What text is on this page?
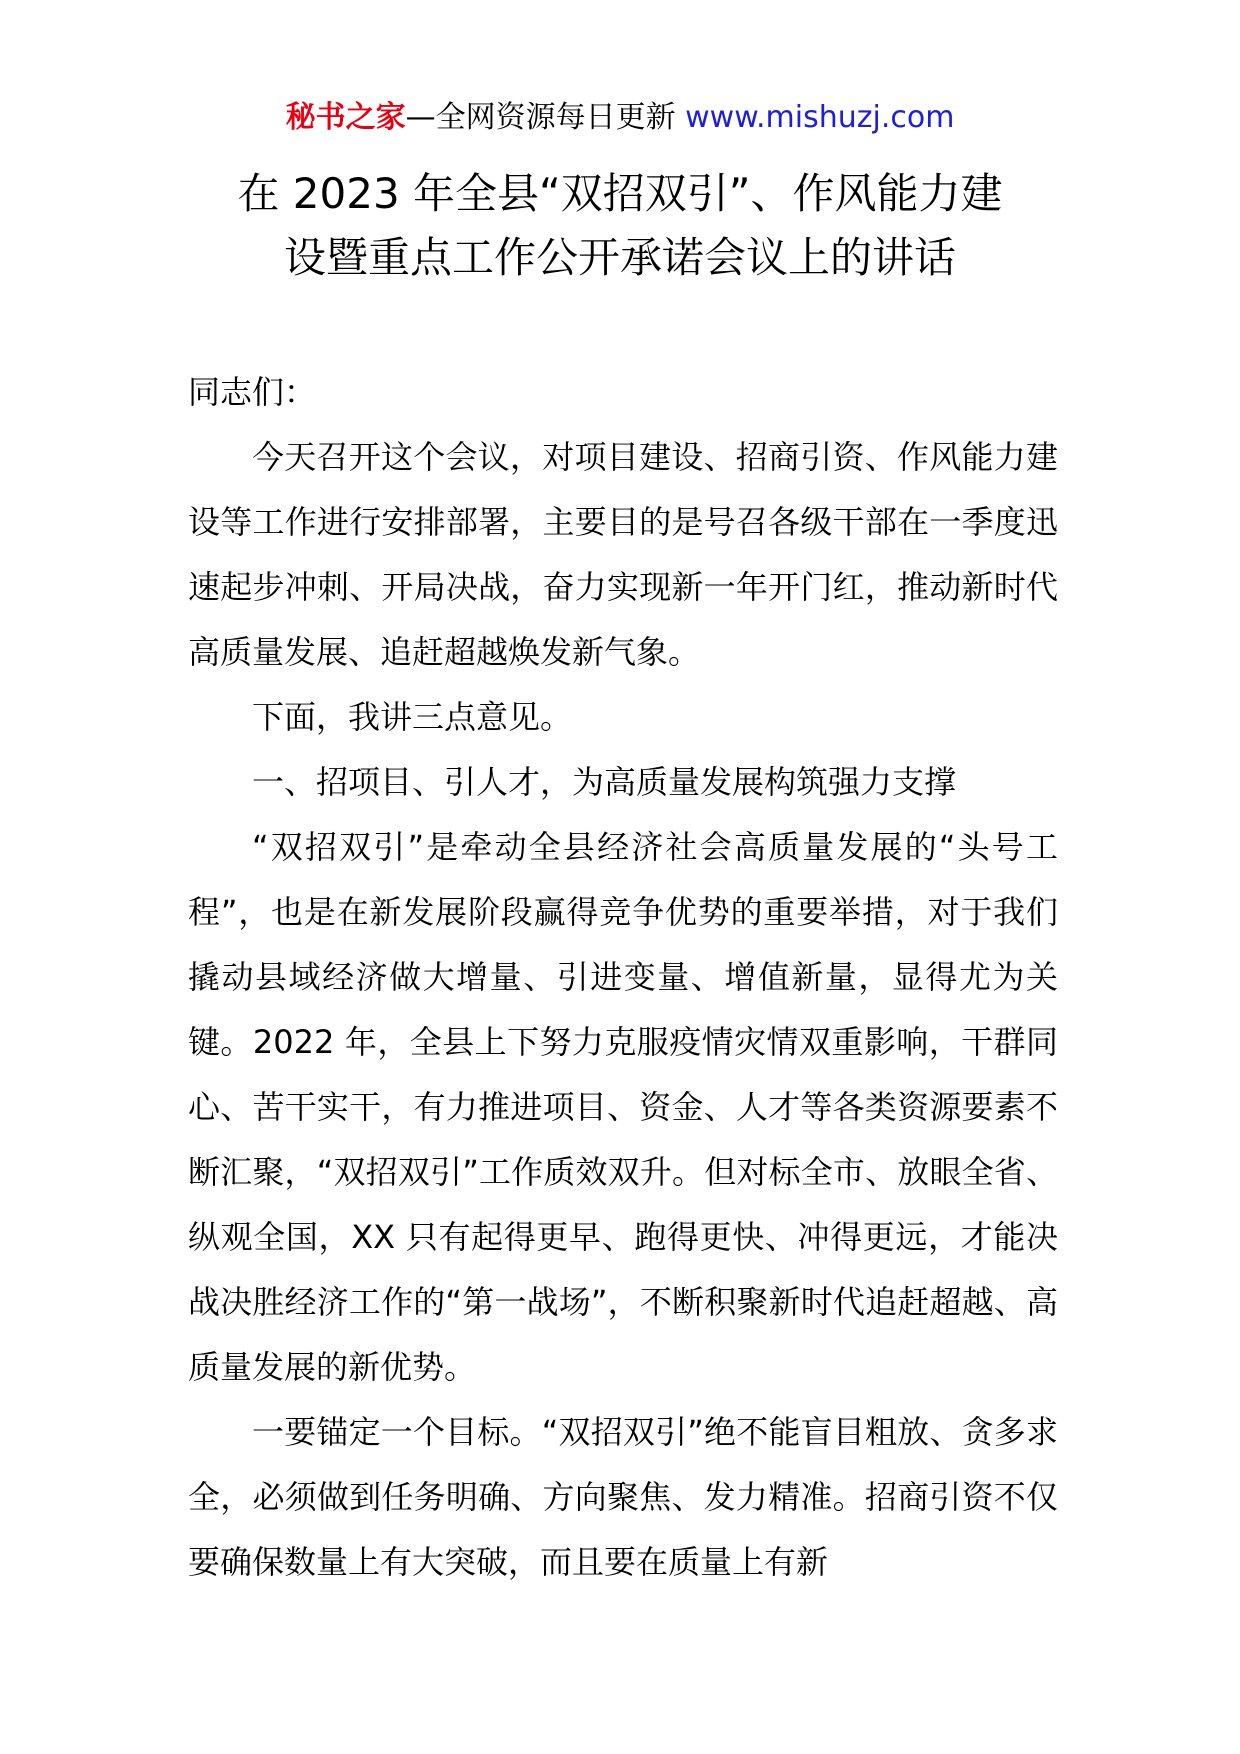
秘书之家—全网资源每日更新 www.mishuzj.com
在 2023 年全县“双招双引”、作风能力建
设暨重点工作公开承诺会议上的讲话

同志们：

今天召开这个会议，对项目建设、招商引资、作风能力建设等工作进行安排部署，主要目的是号召各级干部在一季度迅速起步冲刺、开局决战，奋力实现新一年开门红，推动新时代高质量发展、追赶超越焕发新气象。

下面，我讲三点意见。

一、招项目、引人才，为高质量发展构筑强力支撑

“双招双引”是牵动全县经济社会高质量发展的“头号工程”，也是在新发展阶段赢得竞争优势的重要举措，对于我们撬动县域经济做大增量、引进变量、增值新量，显得尤为关键。2022 年，全县上下努力克服疫情灾情双重影响，干群同心、苦干实干，有力推进项目、资金、人才等各类资源要素不断汇聚，“双招双引”工作质效双升。但对标全市、放眼全省、纵观全国，XX 只有起得更早、跑得更快、冲得更远，才能决战决胜经济工作的“第一战场”，不断积聚新时代追赶超越、高质量发展的新优势。

一要锚定一个目标。“双招双引”绝不能盲目粗放、贪多求全，必须做到任务明确、方向聚焦、发力精准。招商引资不仅要确保数量上有大突破，而且要在质量上有新
